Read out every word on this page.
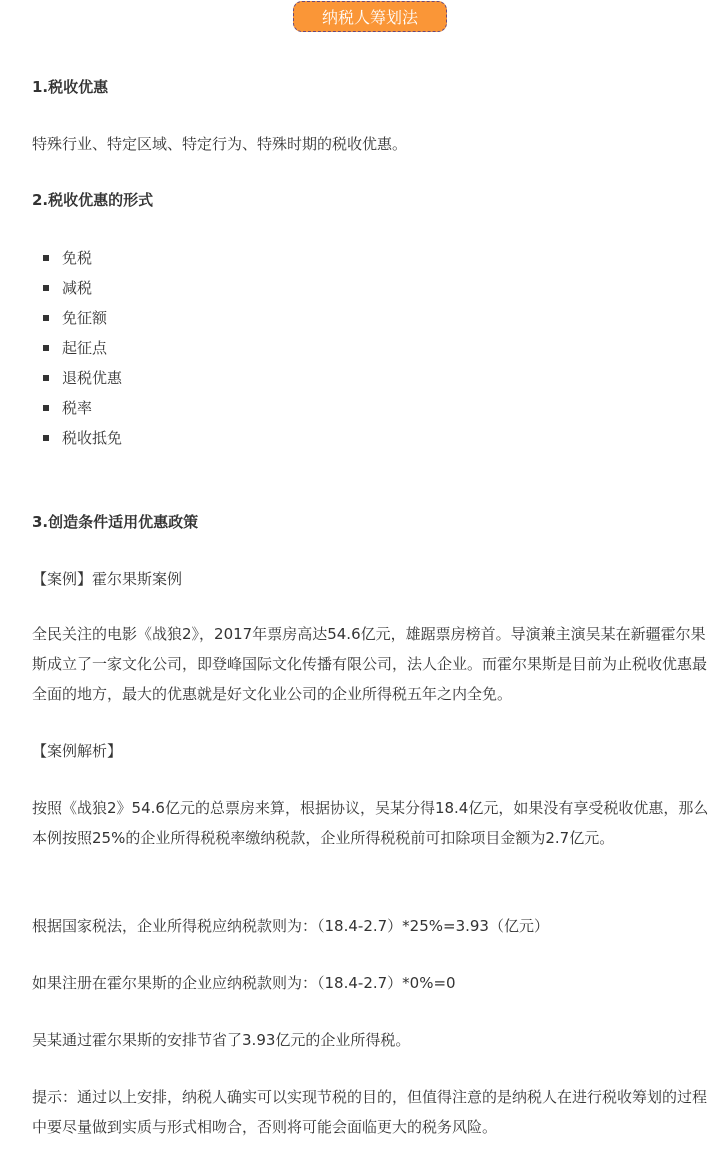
纳税人筹划法
1.税收优惠

特殊行业、特定区域、特定行为、特殊时期的税收优惠。

2.税收优惠的形式
免税
减税
免征额
起征点
退税优惠
税率
税收抵免
3.创造条件适用优惠政策

【案例】霍尔果斯案例

全民关注的电影《战狼2》，2017年票房高达54.6亿元，雄踞票房榜首。导演兼主演吴某在新疆霍尔果斯成立了一家文化公司，即登峰国际文化传播有限公司，法人企业。而霍尔果斯是目前为止税收优惠最全面的地方，最大的优惠就是好文化业公司的企业所得税五年之内全免。

【案例解析】

按照《战狼2》54.6亿元的总票房来算，根据协议，吴某分得18.4亿元，如果没有享受税收优惠，那么本例按照25%的企业所得税税率缴纳税款，企业所得税税前可扣除项目金额为2.7亿元。

根据国家税法，企业所得税应纳税款则为：（18.4-2.7）*25%=3.93（亿元）

如果注册在霍尔果斯的企业应纳税款则为：（18.4-2.7）*0%=0

吴某通过霍尔果斯的安排节省了3.93亿元的企业所得税。

提示：通过以上安排，纳税人确实可以实现节税的目的，但值得注意的是纳税人在进行税收筹划的过程中要尽量做到实质与形式相吻合，否则将可能会面临更大的税务风险。
